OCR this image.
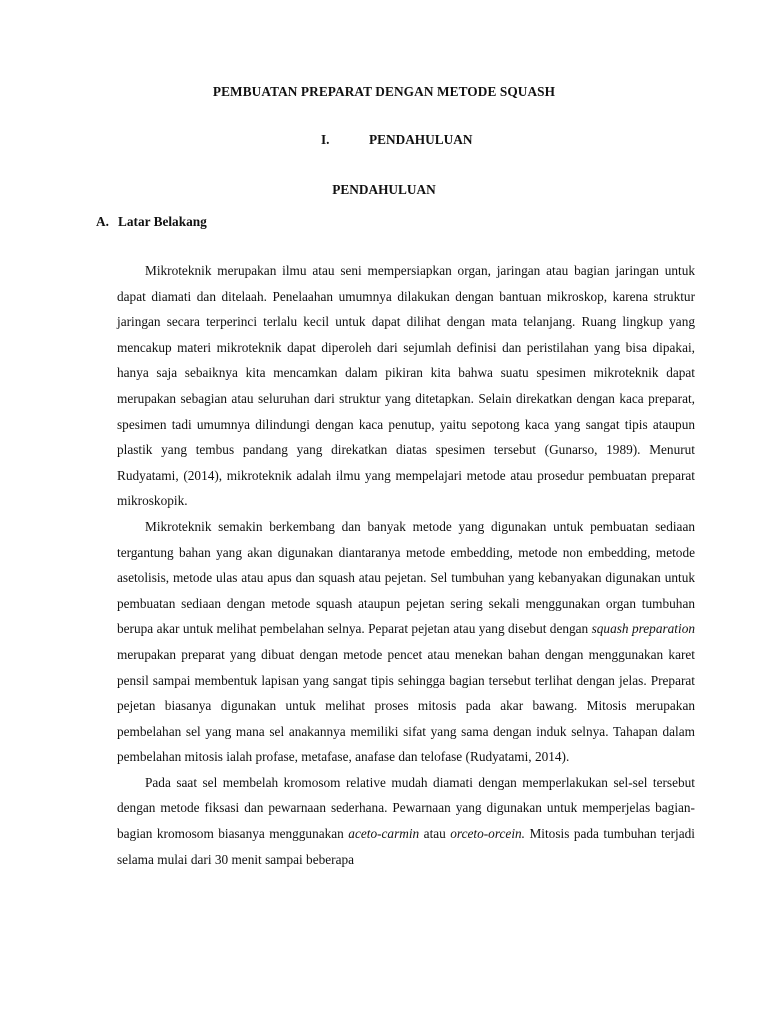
PEMBUATAN PREPARAT DENGAN METODE SQUASH
I.	PENDAHULUAN
PENDAHULUAN
A. Latar Belakang

Mikroteknik merupakan ilmu atau seni mempersiapkan organ, jaringan atau bagian jaringan untuk dapat diamati dan ditelaah. Penelaahan umumnya dilakukan dengan bantuan mikroskop, karena struktur jaringan secara terperinci terlalu kecil untuk dapat dilihat dengan mata telanjang. Ruang lingkup yang mencakup materi mikroteknik dapat diperoleh dari sejumlah definisi dan peristilahan yang bisa dipakai, hanya saja sebaiknya kita mencamkan dalam pikiran kita bahwa suatu spesimen mikroteknik dapat merupakan sebagian atau seluruhan dari struktur yang ditetapkan. Selain direkatkan dengan kaca preparat, spesimen tadi umumnya dilindungi dengan kaca penutup, yaitu sepotong kaca yang sangat tipis ataupun plastik yang tembus pandang yang direkatkan diatas spesimen tersebut (Gunarso, 1989). Menurut Rudyatami, (2014), mikroteknik adalah ilmu yang mempelajari metode atau prosedur pembuatan preparat mikroskopik.

Mikroteknik semakin berkembang dan banyak metode yang digunakan untuk pembuatan sediaan tergantung bahan yang akan digunakan diantaranya metode embedding, metode non embedding, metode asetolisis, metode ulas atau apus dan squash atau pejetan. Sel tumbuhan yang kebanyakan digunakan untuk pembuatan sediaan dengan metode squash ataupun pejetan sering sekali menggunakan organ tumbuhan berupa akar untuk melihat pembelahan selnya. Peparat pejetan atau yang disebut dengan squash preparation merupakan preparat yang dibuat dengan metode pencet atau menekan bahan dengan menggunakan karet pensil sampai membentuk lapisan yang sangat tipis sehingga bagian tersebut terlihat dengan jelas. Preparat pejetan biasanya digunakan untuk melihat proses mitosis pada akar bawang. Mitosis merupakan pembelahan sel yang mana sel anakannya memiliki sifat yang sama dengan induk selnya. Tahapan dalam pembelahan mitosis ialah profase, metafase, anafase dan telofase (Rudyatami, 2014).

Pada saat sel membelah kromosom relative mudah diamati dengan memperlakukan sel-sel tersebut dengan metode fiksasi dan pewarnaan sederhana. Pewarnaan yang digunakan untuk memperjelas bagian-bagian kromosom biasanya menggunakan aceto-carmin atau orceto-orcein. Mitosis pada tumbuhan terjadi selama mulai dari 30 menit sampai beberapa
